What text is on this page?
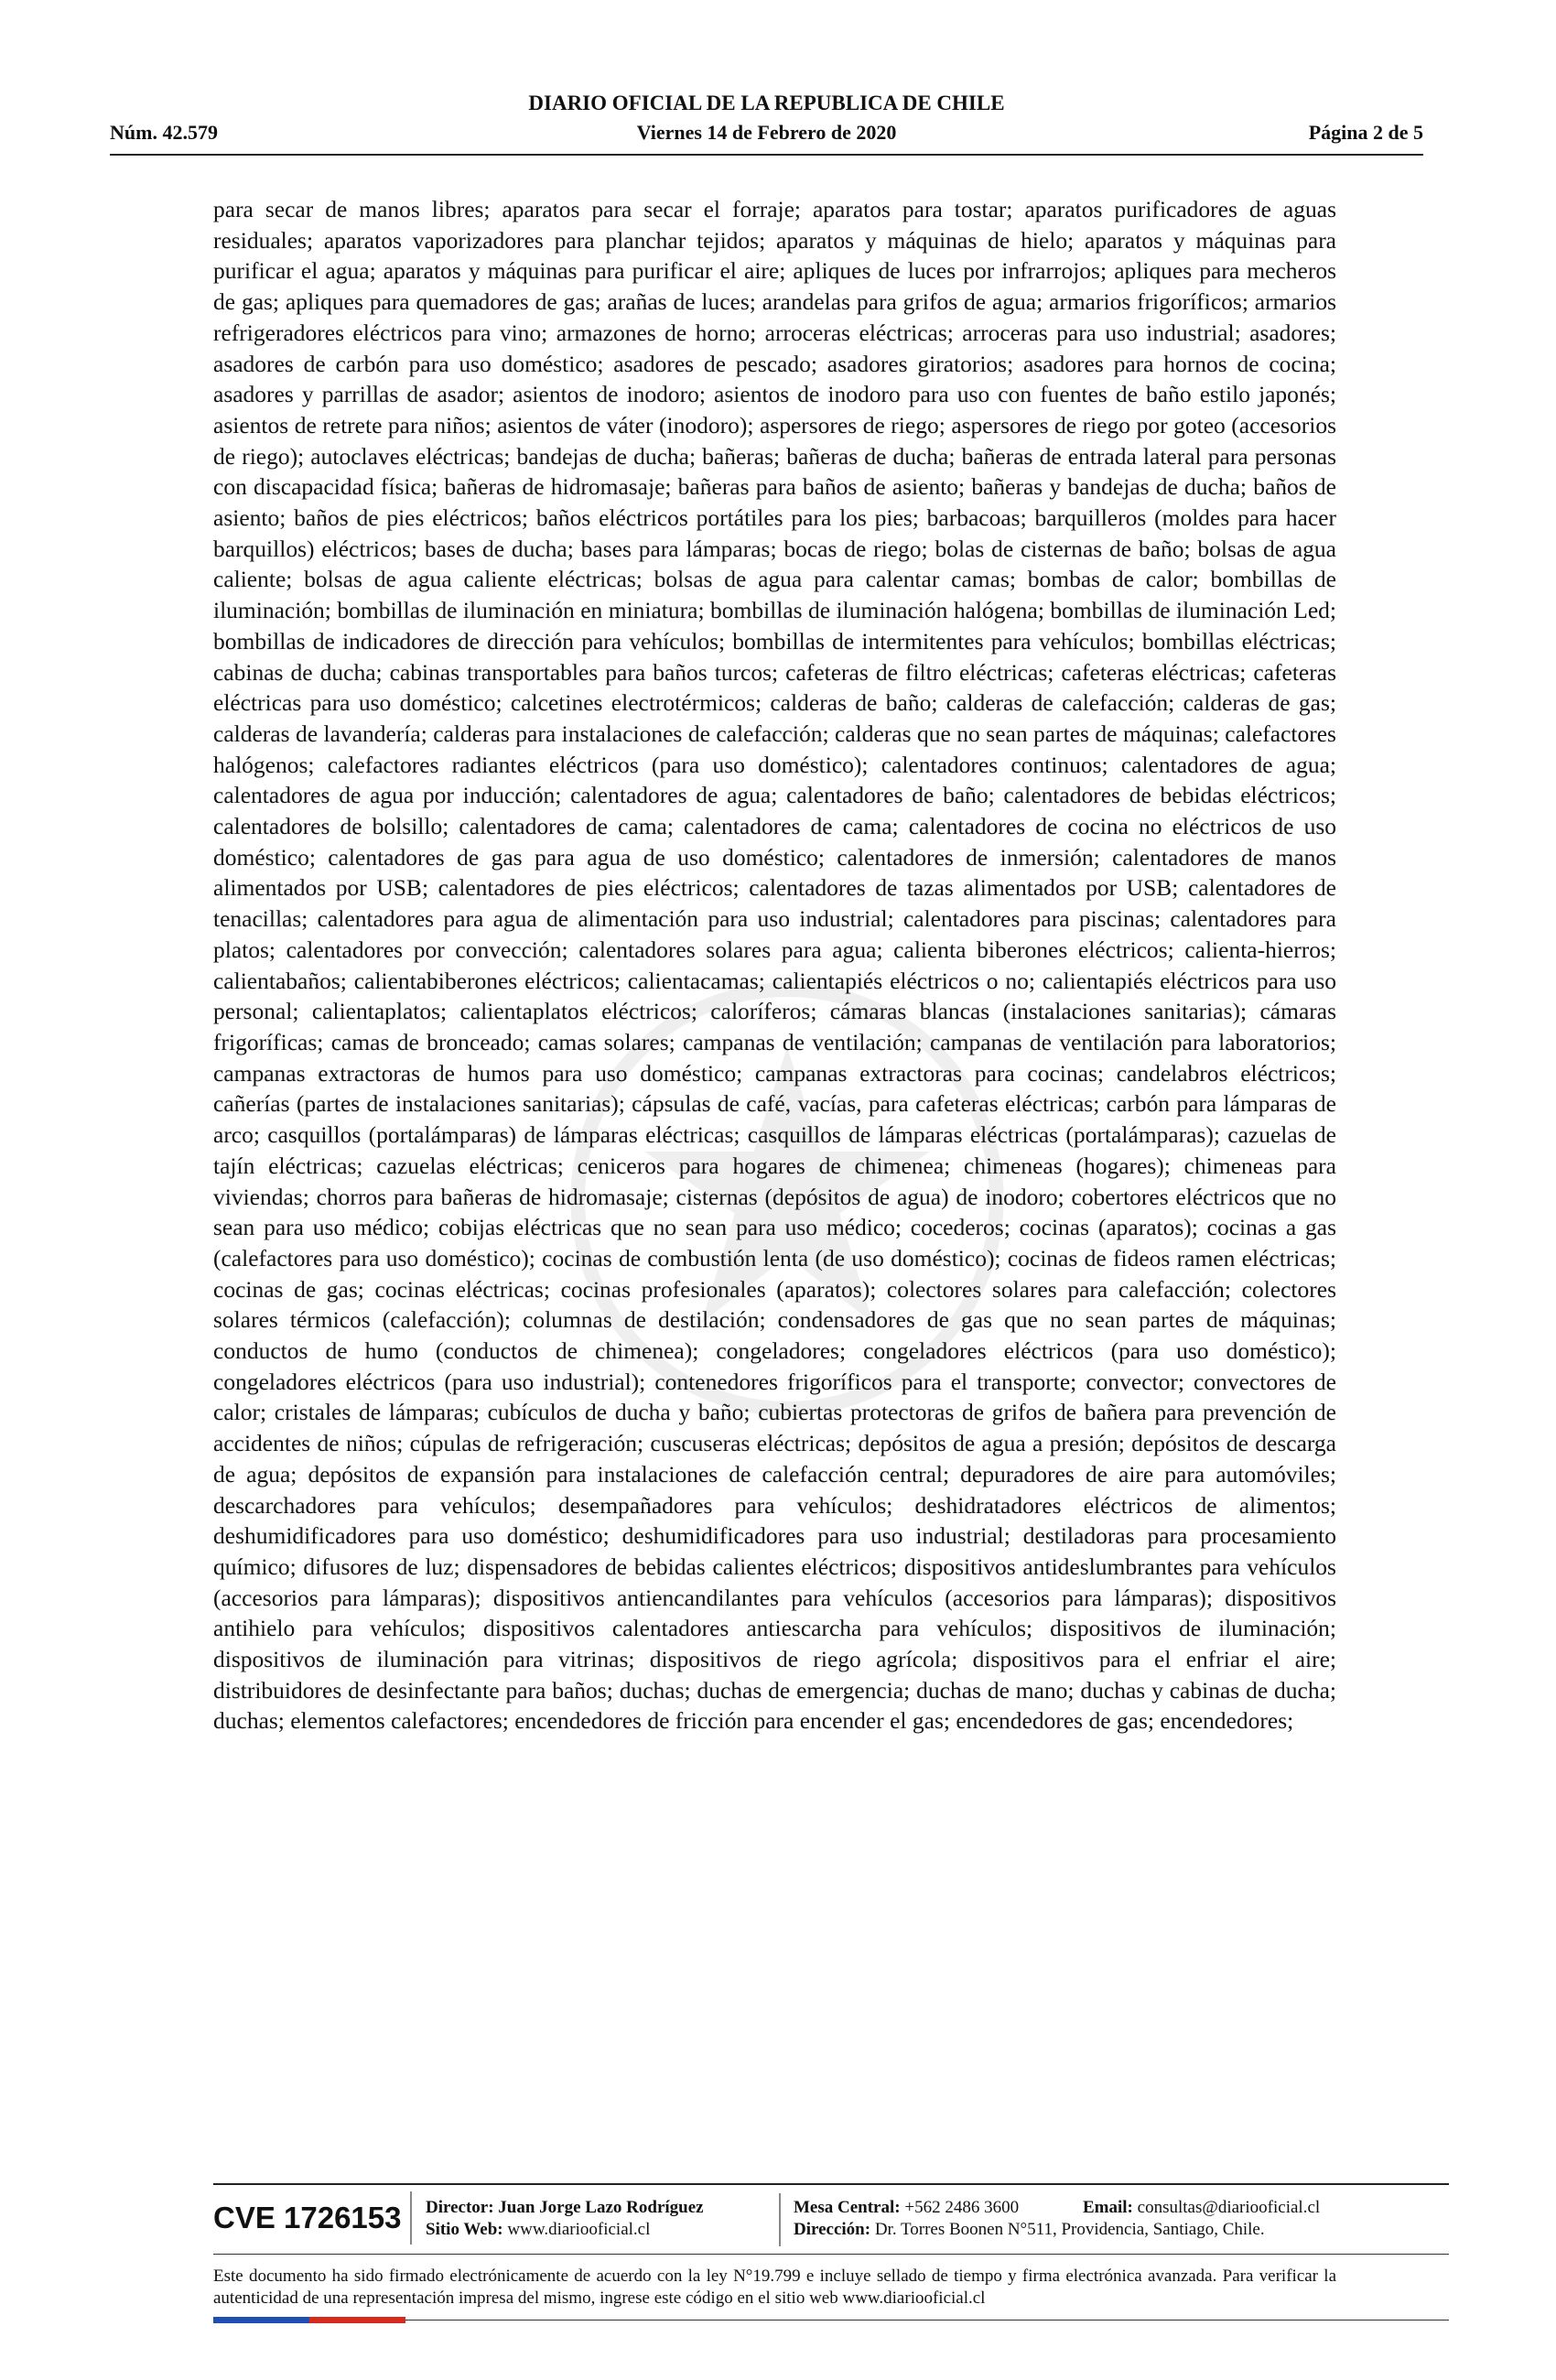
DIARIO OFICIAL DE LA REPUBLICA DE CHILE
Núm. 42.579	Viernes 14 de Febrero de 2020	Página 2 de 5
para secar de manos libres; aparatos para secar el forraje; aparatos para tostar; aparatos purificadores de aguas residuales; aparatos vaporizadores para planchar tejidos; aparatos y máquinas de hielo; aparatos y máquinas para purificar el agua; aparatos y máquinas para purificar el aire; apliques de luces por infrarrojos; apliques para mecheros de gas; apliques para quemadores de gas; arañas de luces; arandelas para grifos de agua; armarios frigoríficos; armarios refrigeradores eléctricos para vino; armazones de horno; arroceras eléctricas; arroceras para uso industrial; asadores; asadores de carbón para uso doméstico; asadores de pescado; asadores giratorios; asadores para hornos de cocina; asadores y parrillas de asador; asientos de inodoro; asientos de inodoro para uso con fuentes de baño estilo japonés; asientos de retrete para niños; asientos de váter (inodoro); aspersores de riego; aspersores de riego por goteo (accesorios de riego); autoclaves eléctricas; bandejas de ducha; bañeras; bañeras de ducha; bañeras de entrada lateral para personas con discapacidad física; bañeras de hidromasaje; bañeras para baños de asiento; bañeras y bandejas de ducha; baños de asiento; baños de pies eléctricos; baños eléctricos portátiles para los pies; barbacoas; barquilleros (moldes para hacer barquillos) eléctricos; bases de ducha; bases para lámparas; bocas de riego; bolas de cisternas de baño; bolsas de agua caliente; bolsas de agua caliente eléctricas; bolsas de agua para calentar camas; bombas de calor; bombillas de iluminación; bombillas de iluminación en miniatura; bombillas de iluminación halógena; bombillas de iluminación Led; bombillas de indicadores de dirección para vehículos; bombillas de intermitentes para vehículos; bombillas eléctricas; cabinas de ducha; cabinas transportables para baños turcos; cafeteras de filtro eléctricas; cafeteras eléctricas; cafeteras eléctricas para uso doméstico; calcetines electrotérmicos; calderas de baño; calderas de calefacción; calderas de gas; calderas de lavandería; calderas para instalaciones de calefacción; calderas que no sean partes de máquinas; calefactores halógenos; calefactores radiantes eléctricos (para uso doméstico); calentadores continuos; calentadores de agua; calentadores de agua por inducción; calentadores de agua; calentadores de baño; calentadores de bebidas eléctricos; calentadores de bolsillo; calentadores de cama; calentadores de cama; calentadores de cocina no eléctricos de uso doméstico; calentadores de gas para agua de uso doméstico; calentadores de inmersión; calentadores de manos alimentados por USB; calentadores de pies eléctricos; calentadores de tazas alimentados por USB; calentadores de tenacillas; calentadores para agua de alimentación para uso industrial; calentadores para piscinas; calentadores para platos; calentadores por convección; calentadores solares para agua; calienta biberones eléctricos; calienta-hierros; calientabaños; calientabiberones eléctricos; calientacamas; calientapiés eléctricos o no; calientapiés eléctricos para uso personal; calientaplatos; calientaplatos eléctricos; caloríferos; cámaras blancas (instalaciones sanitarias); cámaras frigoríficas; camas de bronceado; camas solares; campanas de ventilación; campanas de ventilación para laboratorios; campanas extractoras de humos para uso doméstico; campanas extractoras para cocinas; candelabros eléctricos; cañerías (partes de instalaciones sanitarias); cápsulas de café, vacías, para cafeteras eléctricas; carbón para lámparas de arco; casquillos (portalámparas) de lámparas eléctricas; casquillos de lámparas eléctricas (portalámparas); cazuelas de tajín eléctricas; cazuelas eléctricas; ceniceros para hogares de chimenea; chimeneas (hogares); chimeneas para viviendas; chorros para bañeras de hidromasaje; cisternas (depósitos de agua) de inodoro; cobertores eléctricos que no sean para uso médico; cobijas eléctricas que no sean para uso médico; cocederos; cocinas (aparatos); cocinas a gas (calefactores para uso doméstico); cocinas de combustión lenta (de uso doméstico); cocinas de fideos ramen eléctricas; cocinas de gas; cocinas eléctricas; cocinas profesionales (aparatos); colectores solares para calefacción; colectores solares térmicos (calefacción); columnas de destilación; condensadores de gas que no sean partes de máquinas; conductos de humo (conductos de chimenea); congeladores; congeladores eléctricos (para uso doméstico); congeladores eléctricos (para uso industrial); contenedores frigoríficos para el transporte; convector; convectores de calor; cristales de lámparas; cubículos de ducha y baño; cubiertas protectoras de grifos de bañera para prevención de accidentes de niños; cúpulas de refrigeración; cuscuseras eléctricas; depósitos de agua a presión; depósitos de descarga de agua; depósitos de expansión para instalaciones de calefacción central; depuradores de aire para automóviles; descarchadores para vehículos; desempañadores para vehículos; deshidratadores eléctricos de alimentos; deshumidificadores para uso doméstico; deshumidificadores para uso industrial; destiladoras para procesamiento químico; difusores de luz; dispensadores de bebidas calientes eléctricos; dispositivos antideslumbrantes para vehículos (accesorios para lámparas); dispositivos antiencandilantes para vehículos (accesorios para lámparas); dispositivos antihielo para vehículos; dispositivos calentadores antiescarcha para vehículos; dispositivos de iluminación; dispositivos de iluminación para vitrinas; dispositivos de riego agrícola; dispositivos para el enfriar el aire; distribuidores de desinfectante para baños; duchas; duchas de emergencia; duchas de mano; duchas y cabinas de ducha; duchas; elementos calefactores; encendedores de fricción para encender el gas; encendedores de gas; encendedores;
CVE 1726153	Director: Juan Jorge Lazo Rodríguez
Sitio Web: www.diariooficial.cl
Mesa Central: +562 2486 3600	Email: consultas@diariooficial.cl
Dirección: Dr. Torres Boonen N°511, Providencia, Santiago, Chile.
Este documento ha sido firmado electrónicamente de acuerdo con la ley N°19.799 e incluye sellado de tiempo y firma electrónica avanzada. Para verificar la autenticidad de una representación impresa del mismo, ingrese este código en el sitio web www.diariooficial.cl
